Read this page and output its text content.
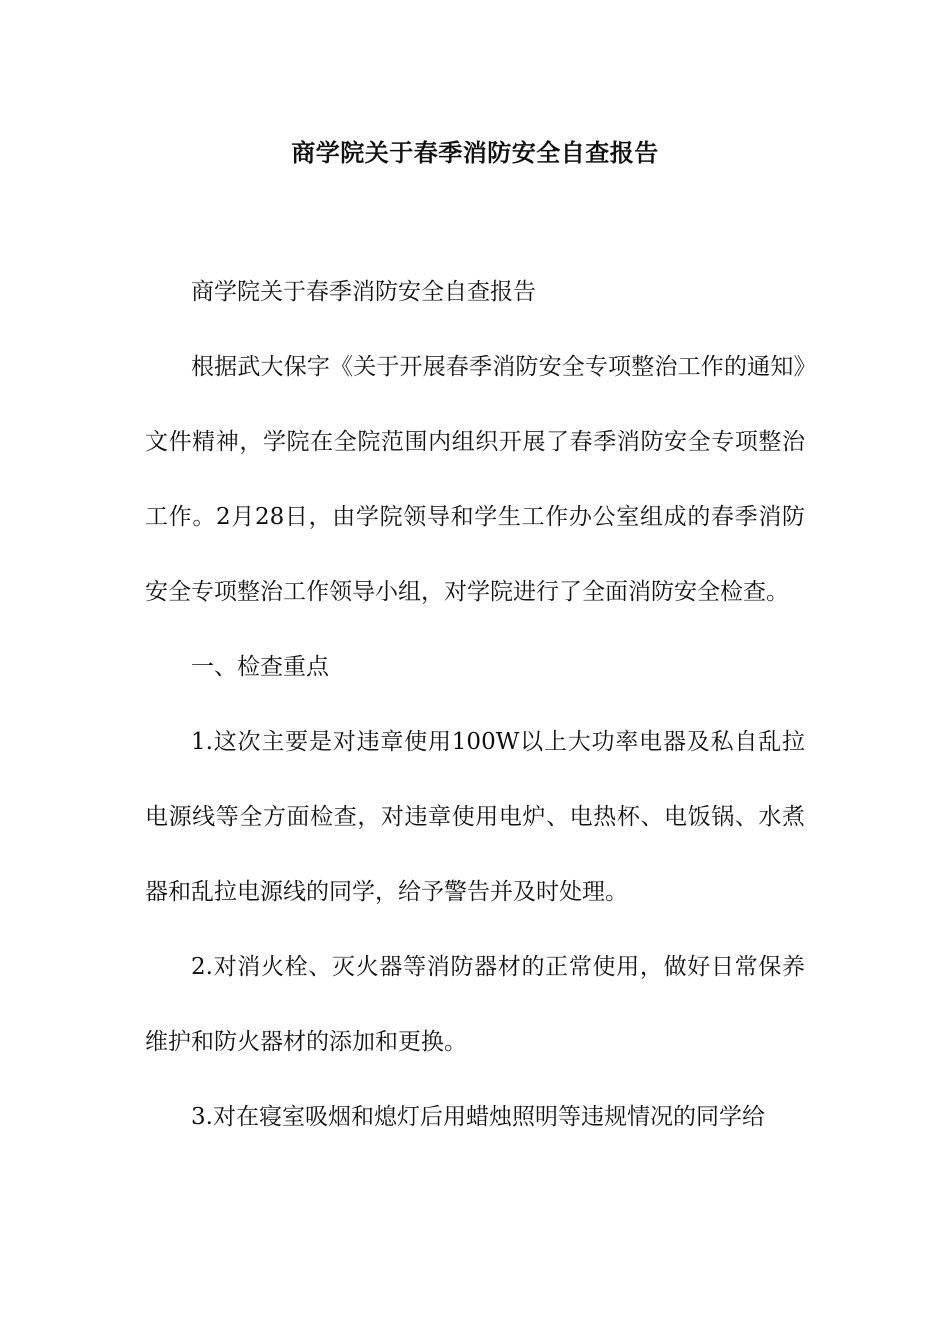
商学院关于春季消防安全自查报告

商学院关于春季消防安全自查报告

根据武大保字《关于开展春季消防安全专项整治工作的通知》文件精神，学院在全院范围内组织开展了春季消防安全专项整治工作。2月28日，由学院领导和学生工作办公室组成的春季消防安全专项整治工作领导小组，对学院进行了全面消防安全检查。

一、检查重点

1.这次主要是对违章使用100W以上大功率电器及私自乱拉电源线等全方面检查，对违章使用电炉、电热杯、电饭锅、水煮器和乱拉电源线的同学，给予警告并及时处理。

2.对消火栓、灭火器等消防器材的正常使用，做好日常保养维护和防火器材的添加和更换。

3.对在寝室吸烟和熄灯后用蜡烛照明等违规情况的同学给
